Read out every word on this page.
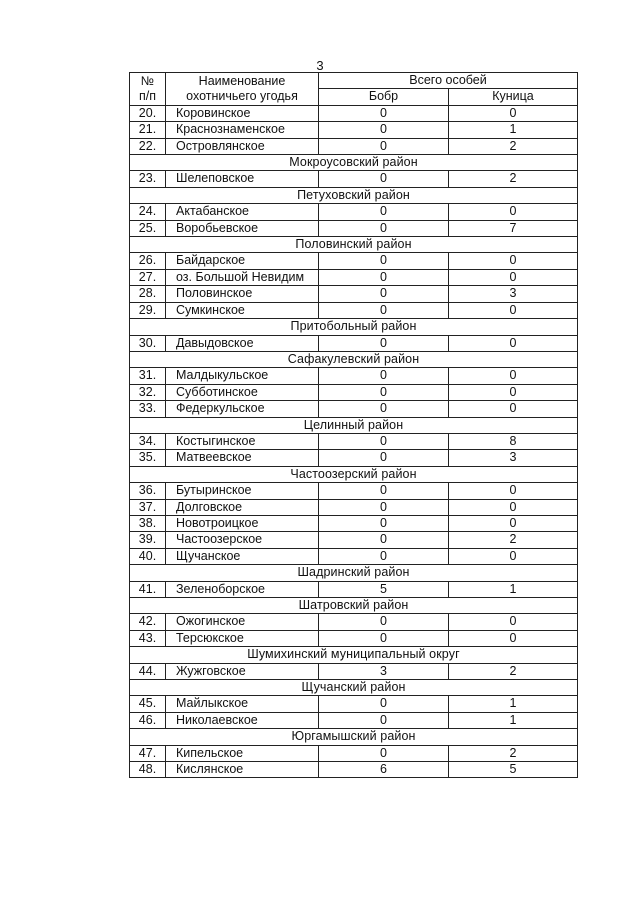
3
№ п/п	Наименование охотничьего угодья	Всего особей	
		Бобр	Куница
20.	Коровинское	0	0
21.	Краснознаменское	0	1
22.	Островлянское	0	2
Мокроусовский район			
23.	Шелеповское	0	2
Петуховский район			
24.	Актабанское	0	0
25.	Воробьевское	0	7
Половинский район			
26.	Байдарское	0	0
27.	оз. Большой Невидим	0	0
28.	Половинское	0	3
29.	Сумкинское	0	0
Притобольный район			
30.	Давыдовское	0	0
Сафакулевский район			
31.	Малдыкульское	0	0
32.	Субботинское	0	0
33.	Федеркульское	0	0
Целинный район			
34.	Костыгинское	0	8
35.	Матвеевское	0	3
Частоозерский район			
36.	Бутыринское	0	0
37.	Долговское	0	0
38.	Новотроицкое	0	0
39.	Частоозерское	0	2
40.	Щучанское	0	0
Шадринский район			
41.	Зеленоборское	5	1
Шатровский район			
42.	Ожогинское	0	0
43.	Терсюкское	0	0
Шумихинский муниципальный округ			
44.	Жужговское	3	2
Щучанский район			
45.	Майлыкское	0	1
46.	Николаевское	0	1
Юргамышский район			
47.	Кипельское	0	2
48.	Кислянское	6	5
